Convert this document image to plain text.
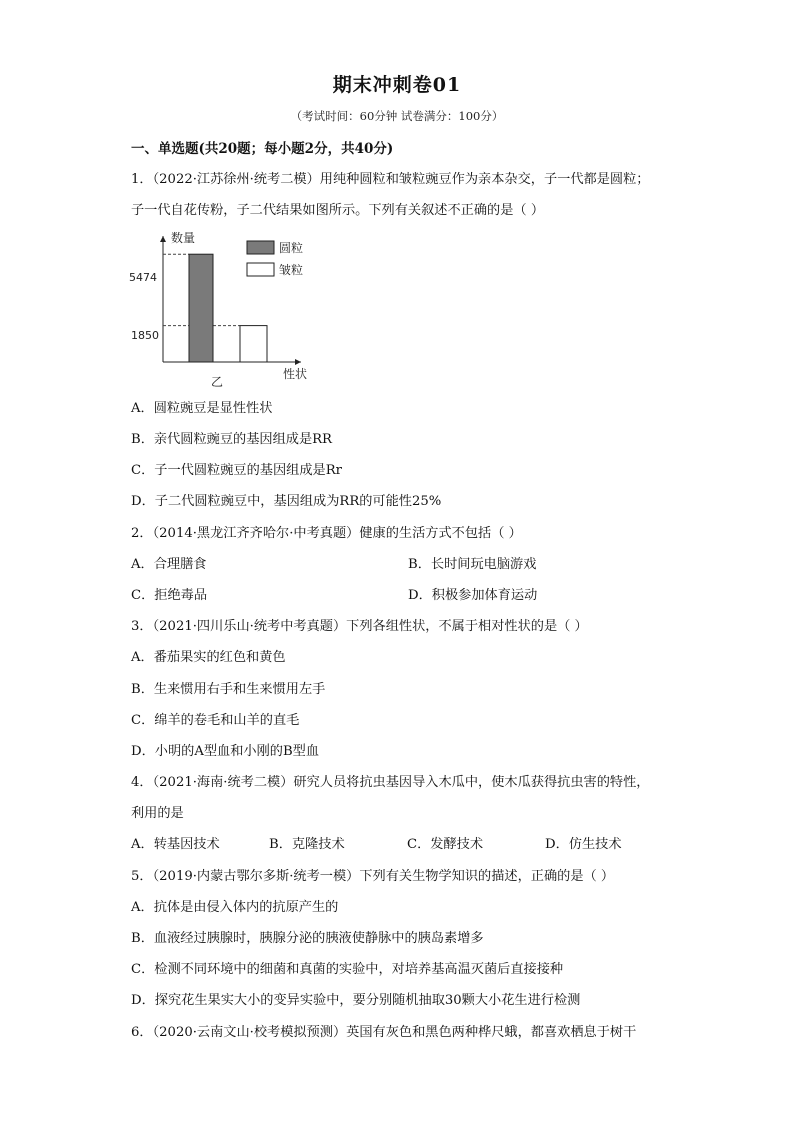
期末冲刺卷01
（考试时间：60分钟 试卷满分：100分）
一、单选题(共20题；每小题2分，共40分)
1．（2022·江苏徐州·统考二模）用纯种圆粒和皱粒豌豆作为亲本杂交，子一代都是圆粒；
子一代自花传粉，子二代结果如图所示。下列有关叙述不正确的是（ ）
数量
性状
5474
1850
乙
圆粒
皱粒
A．圆粒豌豆是显性性状
B．亲代圆粒豌豆的基因组成是RR
C．子一代圆粒豌豆的基因组成是Rr
D．子二代圆粒豌豆中，基因组成为RR的可能性25%
2．（2014·黑龙江齐齐哈尔·中考真题）健康的生活方式不包括（ ）
A．合理膳食	B．长时间玩电脑游戏
C．拒绝毒品	D．积极参加体育运动
3．（2021·四川乐山·统考中考真题）下列各组性状，不属于相对性状的是（ ）
A．番茄果实的红色和黄色
B．生来惯用右手和生来惯用左手
C．绵羊的卷毛和山羊的直毛
D．小明的A型血和小刚的B型血
4．（2021·海南·统考二模）研究人员将抗虫基因导入木瓜中，使木瓜获得抗虫害的特性，
利用的是
A．转基因技术	B．克隆技术	C．发酵技术	D．仿生技术
5．（2019·内蒙古鄂尔多斯·统考一模）下列有关生物学知识的描述，正确的是（ ）
A．抗体是由侵入体内的抗原产生的
B．血液经过胰腺时，胰腺分泌的胰液使静脉中的胰岛素增多
C．检测不同环境中的细菌和真菌的实验中，对培养基高温灭菌后直接接种
D．探究花生果实大小的变异实验中，要分别随机抽取30颗大小花生进行检测
6．（2020·云南文山·校考模拟预测）英国有灰色和黑色两种桦尺蛾，都喜欢栖息于树干
